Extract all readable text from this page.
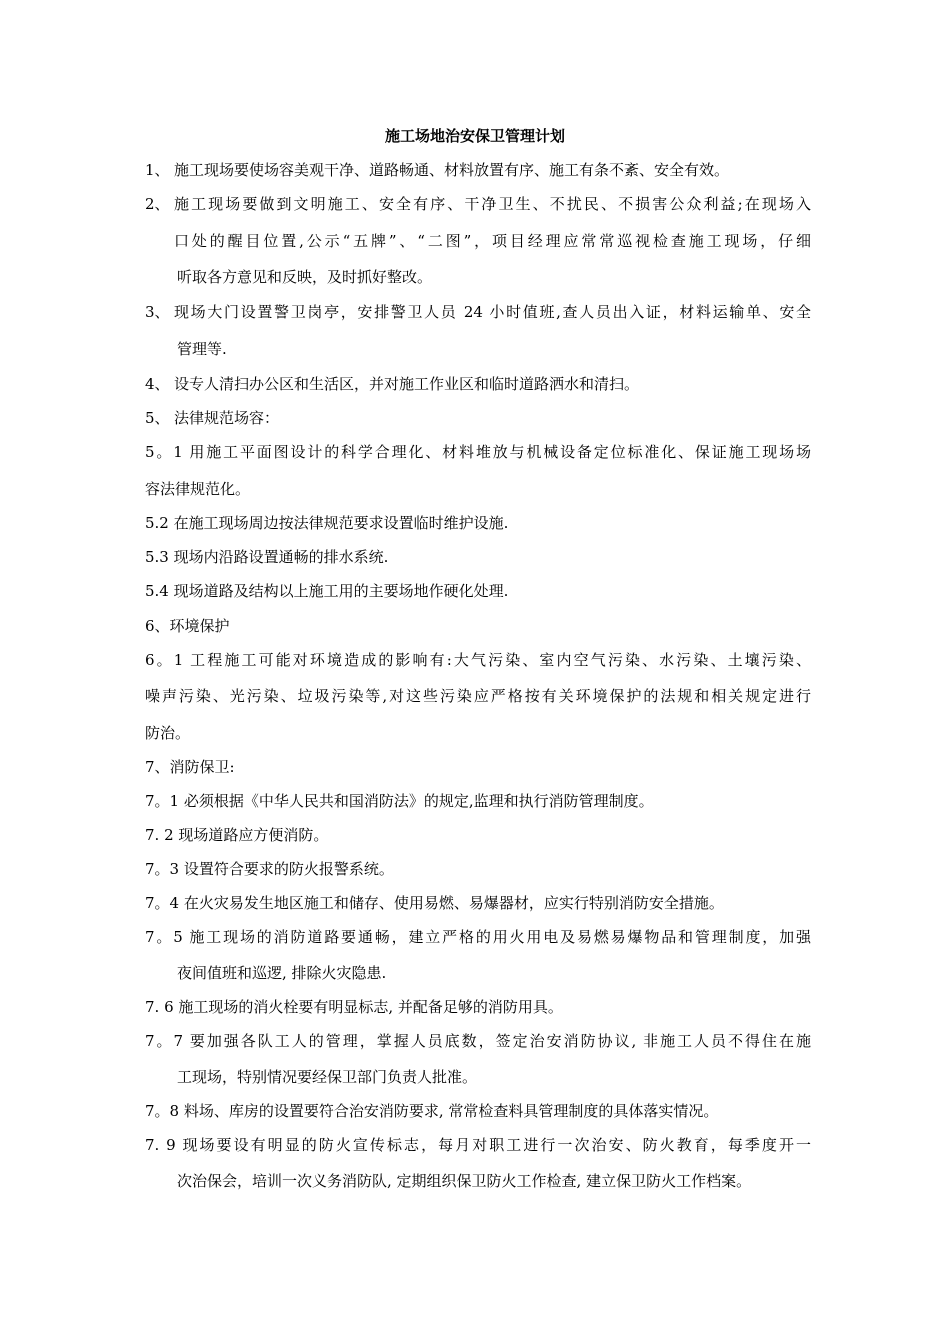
施工场地治安保卫管理计划
1、 施工现场要使场容美观干净、道路畅通、材料放置有序、施工有条不紊、安全有效。
2、 施工现场要做到文明施工、安全有序、干净卫生、不扰民、不损害公众利益;在现场入
口处的醒目位置,公示“五牌”、“二图”，项目经理应常常巡视检查施工现场，仔细
听取各方意见和反映，及时抓好整改。
3、 现场大门设置警卫岗亭，安排警卫人员 24 小时值班,查人员出入证，材料运输单、安全
管理等.
4、 设专人清扫办公区和生活区，并对施工作业区和临时道路洒水和清扫。
5、 法律规范场容：
5。1 用施工平面图设计的科学合理化、材料堆放与机械设备定位标准化、保证施工现场场
容法律规范化。
5.2 在施工现场周边按法律规范要求设置临时维护设施.
5.3 现场内沿路设置通畅的排水系统.
5.4 现场道路及结构以上施工用的主要场地作硬化处理.
6、环境保护
6。1 工程施工可能对环境造成的影响有:大气污染、室内空气污染、水污染、土壤污染、
噪声污染、光污染、垃圾污染等,对这些污染应严格按有关环境保护的法规和相关规定进行
防治。
7、消防保卫:
7。1 必须根据《中华人民共和国消防法》的规定,监理和执行消防管理制度。
7. 2 现场道路应方便消防。
7。3 设置符合要求的防火报警系统。
7。4 在火灾易发生地区施工和储存、使用易燃、易爆器材，应实行特别消防安全措施。
7。5 施工现场的消防道路要通畅，建立严格的用火用电及易燃易爆物品和管理制度，加强
夜间值班和巡逻, 排除火灾隐患.
7. 6 施工现场的消火栓要有明显标志, 并配备足够的消防用具。
7。7 要加强各队工人的管理，掌握人员底数，签定治安消防协议, 非施工人员不得住在施
工现场，特别情况要经保卫部门负责人批准。
7。8 料场、库房的设置要符合治安消防要求, 常常检查料具管理制度的具体落实情况。
7. 9 现场要设有明显的防火宣传标志，每月对职工进行一次治安、防火教育，每季度开一
次治保会，培训一次义务消防队, 定期组织保卫防火工作检查, 建立保卫防火工作档案。
